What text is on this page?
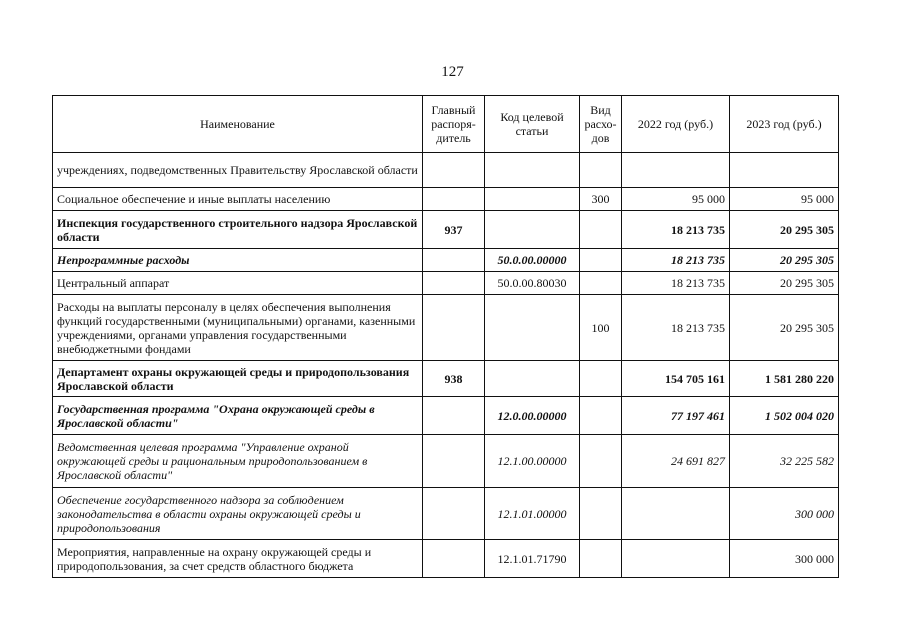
127
Наименование	Главный распоря-дитель	Код целевой статьи	Вид расхо-дов	2022 год (руб.)	2023 год (руб.)
учреждениях, подведомственных Правительству Ярославской области					
Социальное обеспечение и иные выплаты населению			300	95 000	95 000
Инспекция государственного строительного надзора Ярославской области	937			18 213 735	20 295 305
Непрограммные расходы		50.0.00.00000		18 213 735	20 295 305
Центральный аппарат		50.0.00.80030		18 213 735	20 295 305
Расходы на выплаты персоналу в целях обеспечения выполнения функций государственными (муниципальными) органами, казенными учреждениями, органами управления государственными внебюджетными фондами			100	18 213 735	20 295 305
Департамент охраны окружающей среды и природопользования Ярославской области	938			154 705 161	1 581 280 220
Государственная программа "Охрана окружающей среды в Ярославской области"		12.0.00.00000		77 197 461	1 502 004 020
Ведомственная целевая программа "Управление охраной окружающей среды и рациональным природопользованием в Ярославской области"		12.1.00.00000		24 691 827	32 225 582
Обеспечение государственного надзора за соблюдением законодательства в области охраны окружающей среды и природопользования		12.1.01.00000			300 000
Мероприятия, направленные на охрану окружающей среды и природопользования, за счет средств областного бюджета		12.1.01.71790			300 000
